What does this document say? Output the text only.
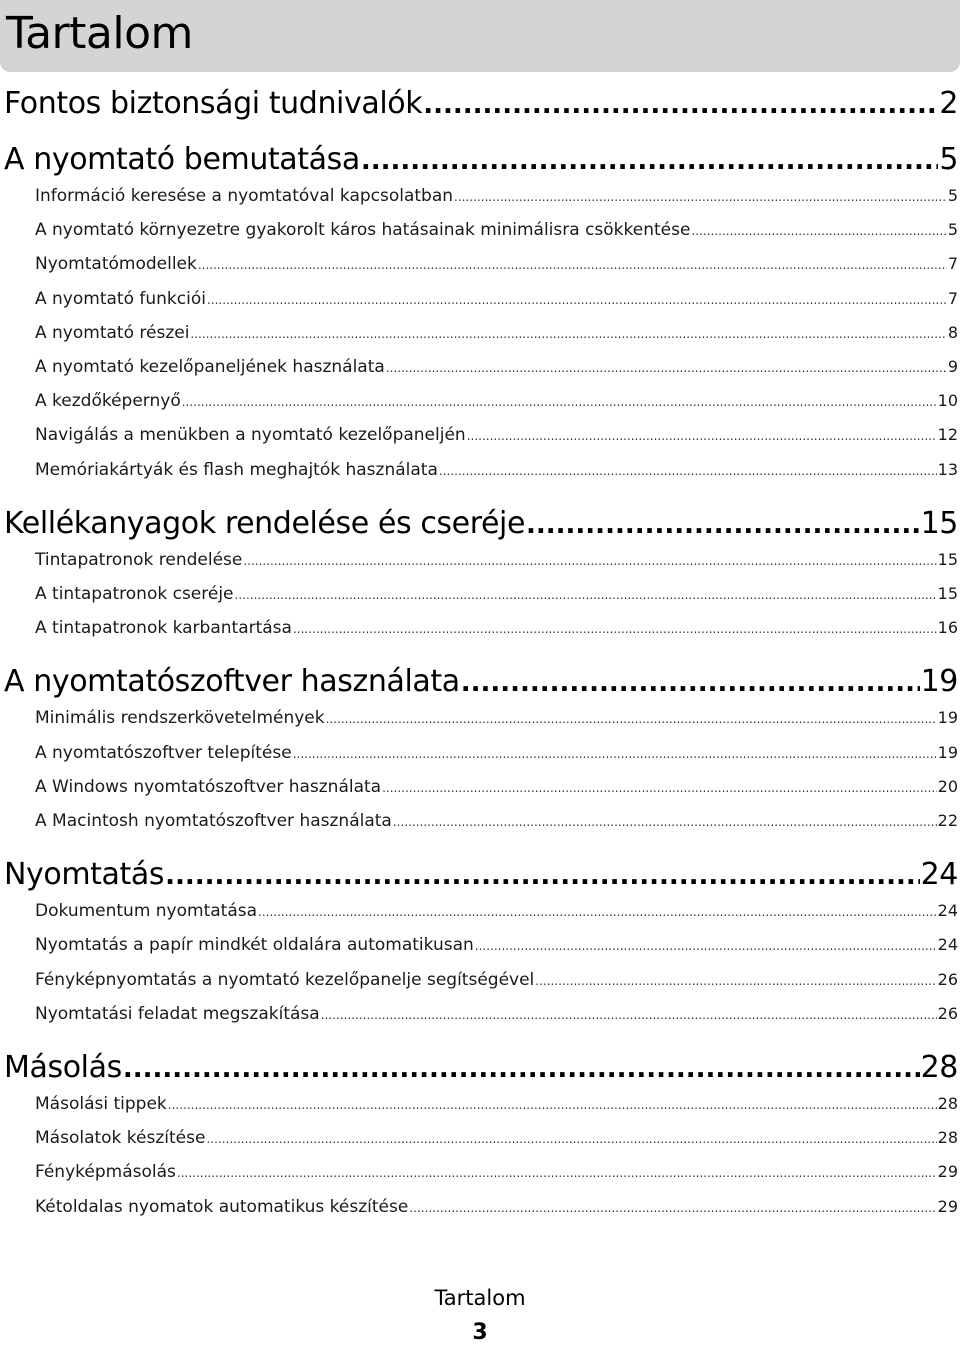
Tartalom
Fontos biztonsági tudnivalók .....	2
A nyomtató bemutatása .....	5
Információ keresése a nyomtatóval kapcsolatban .....	5
A nyomtató környezetre gyakorolt káros hatásainak minimálisra csökkentése .....	5
Nyomtatómodellek .....	7
A nyomtató funkciói .....	7
A nyomtató részei .....	8
A nyomtató kezelőpaneljének használata .....	9
A kezdőképernyő .....	10
Navigálás a menükben a nyomtató kezelőpaneljén .....	12
Memóriakártyák és flash meghajtók használata .....	13
Kellékanyagok rendelése és cseréje .....	15
Tintapatronok rendelése .....	15
A tintapatronok cseréje .....	15
A tintapatronok karbantartása .....	16
A nyomtatószoftver használata .....	19
Minimális rendszerkövetelmények .....	19
A nyomtatószoftver telepítése .....	19
A Windows nyomtatószoftver használata .....	20
A Macintosh nyomtatószoftver használata .....	22
Nyomtatás .....	24
Dokumentum nyomtatása .....	24
Nyomtatás a papír mindkét oldalára automatikusan .....	24
Fényképnyomtatás a nyomtató kezelőpanelje segítségével .....	26
Nyomtatási feladat megszakítása .....	26
Másolás .....	28
Másolási tippek .....	28
Másolatok készítése .....	28
Fényképmásolás .....	29
Kétoldalas nyomatok automatikus készítése .....	29
Tartalom
3
